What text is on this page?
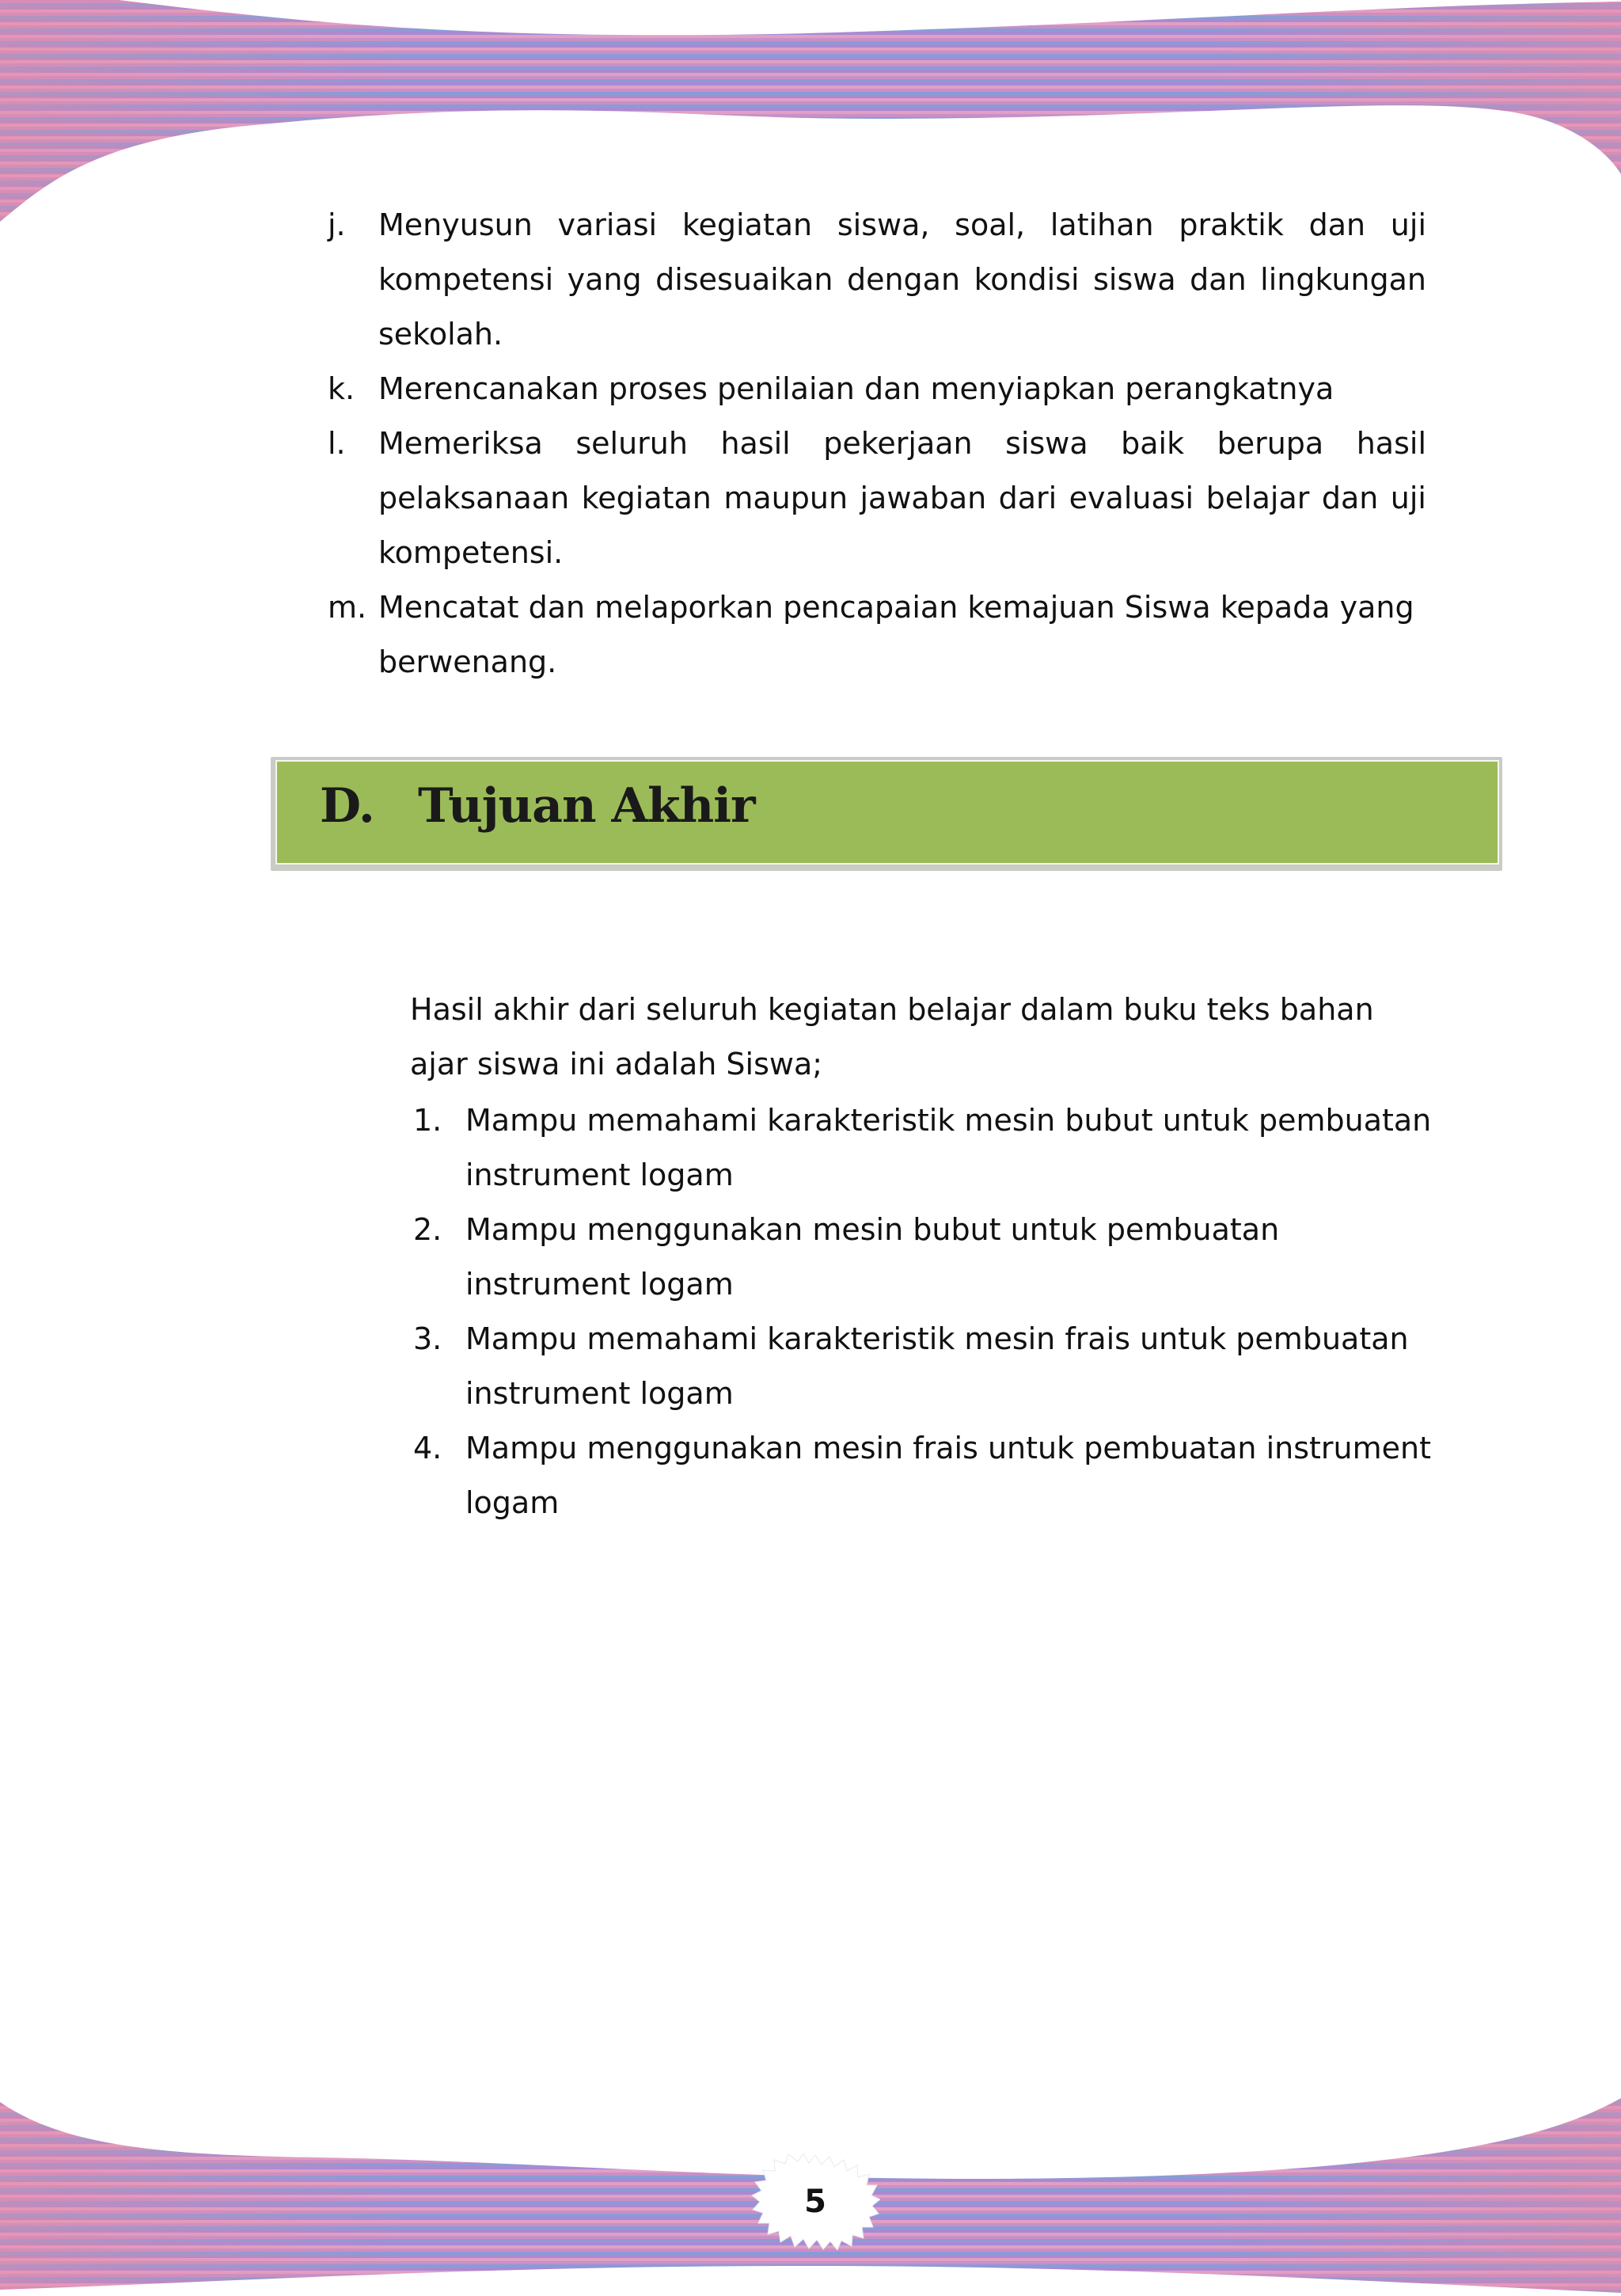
j. Menyusun variasi kegiatan siswa, soal, latihan praktik dan uji kompetensi yang disesuaikan dengan kondisi siswa dan lingkungan sekolah.
k. Merencanakan proses penilaian dan menyiapkan perangkatnya
l. Memeriksa seluruh hasil pekerjaan siswa baik berupa hasil pelaksanaan kegiatan maupun jawaban dari evaluasi belajar dan uji kompetensi.
m. Mencatat dan melaporkan pencapaian kemajuan Siswa kepada yang berwenang.
D. Tujuan Akhir
Hasil akhir dari seluruh kegiatan belajar dalam buku teks bahan ajar siswa ini adalah Siswa;
1. Mampu memahami karakteristik mesin bubut untuk pembuatan instrument logam
2. Mampu menggunakan mesin bubut untuk pembuatan instrument logam
3. Mampu memahami karakteristik mesin frais untuk pembuatan instrument logam
4. Mampu menggunakan mesin frais untuk pembuatan instrument logam
5
